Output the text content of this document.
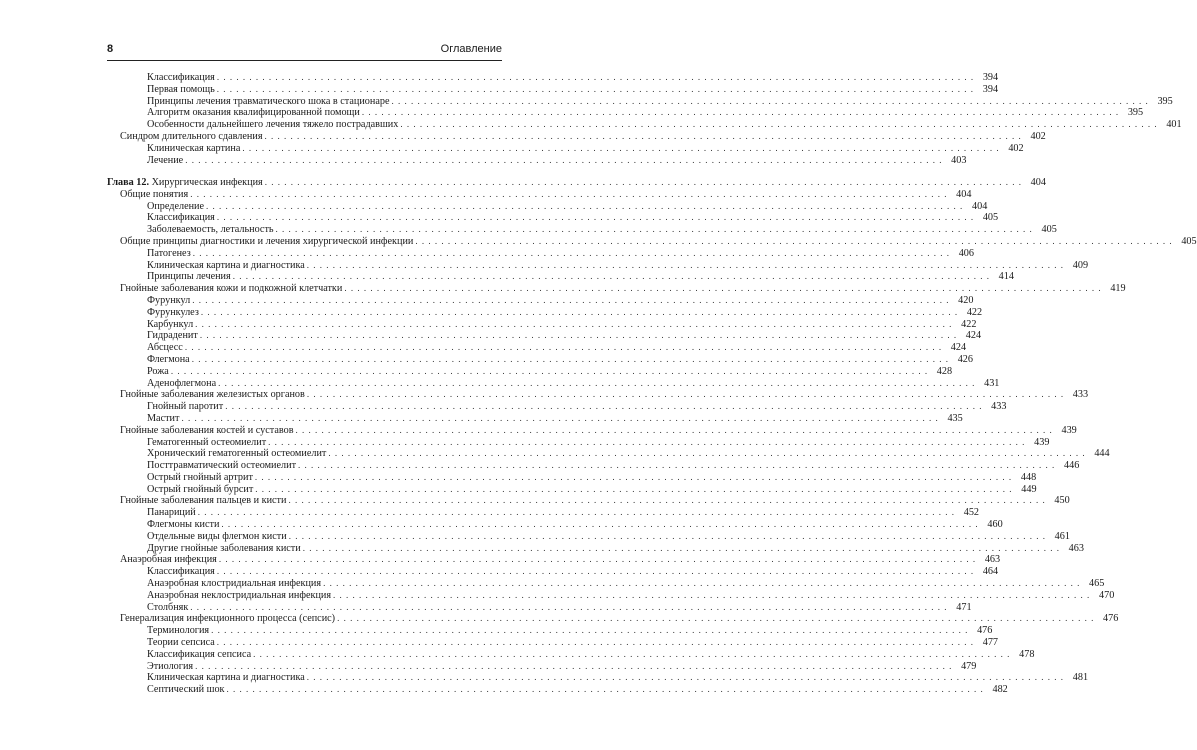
8	Оглавление
Классификация . . .	394
Первая помощь . . .	394
Принципы лечения травматического шока в стационаре . . .	395
Алгоритм оказания квалифицированной помощи . . .	395
Особенности дальнейшего лечения тяжело пострадавших . . .	401
Синдром длительного сдавления . . .	402
Клиническая картина . . .	402
Лечение . . .	403
Глава 12. Хирургическая инфекция . . .	404
Общие понятия . . .	404
Определение . . .	404
Классификация . . .	405
Заболеваемость, летальность . . .	405
Общие принципы диагностики и лечения хирургической инфекции . . .	405
Патогенез . . .	406
Клиническая картина и диагностика . . .	409
Принципы лечения . . .	414
Гнойные заболевания кожи и подкожной клетчатки . . .	419
Фурункул . . .	420
Фурункулез . . .	422
Карбункул . . .	422
Гидраденит . . .	424
Абсцесс . . .	424
Флегмона . . .	426
Рожа . . .	428
Аденофлегмона . . .	431
Гнойные заболевания железистых органов . . .	433
Гнойный паротит . . .	433
Мастит . . .	435
Гнойные заболевания костей и суставов . . .	439
Гематогенный остеомиелит . . .	439
Хронический гематогенный остеомиелит . . .	444
Посттравматический остеомиелит . . .	446
Острый гнойный артрит . . .	448
Острый гнойный бурсит . . .	449
Гнойные заболевания пальцев и кисти . . .	450
Панариций . . .	452
Флегмоны кисти . . .	460
Отдельные виды флегмон кисти . . .	461
Другие гнойные заболевания кисти . . .	463
Анаэробная инфекция . . .	463
Классификация . . .	464
Анаэробная клостридиальная инфекция . . .	465
Анаэробная неклостридиальная инфекция . . .	470
Столбняк . . .	471
Генерализация инфекционного процесса (сепсис) . . .	476
Терминология . . .	476
Теории сепсиса . . .	477
Классификация сепсиса . . .	478
Этиология . . .	479
Клиническая картина и диагностика . . .	481
Септический шок . . .	482
